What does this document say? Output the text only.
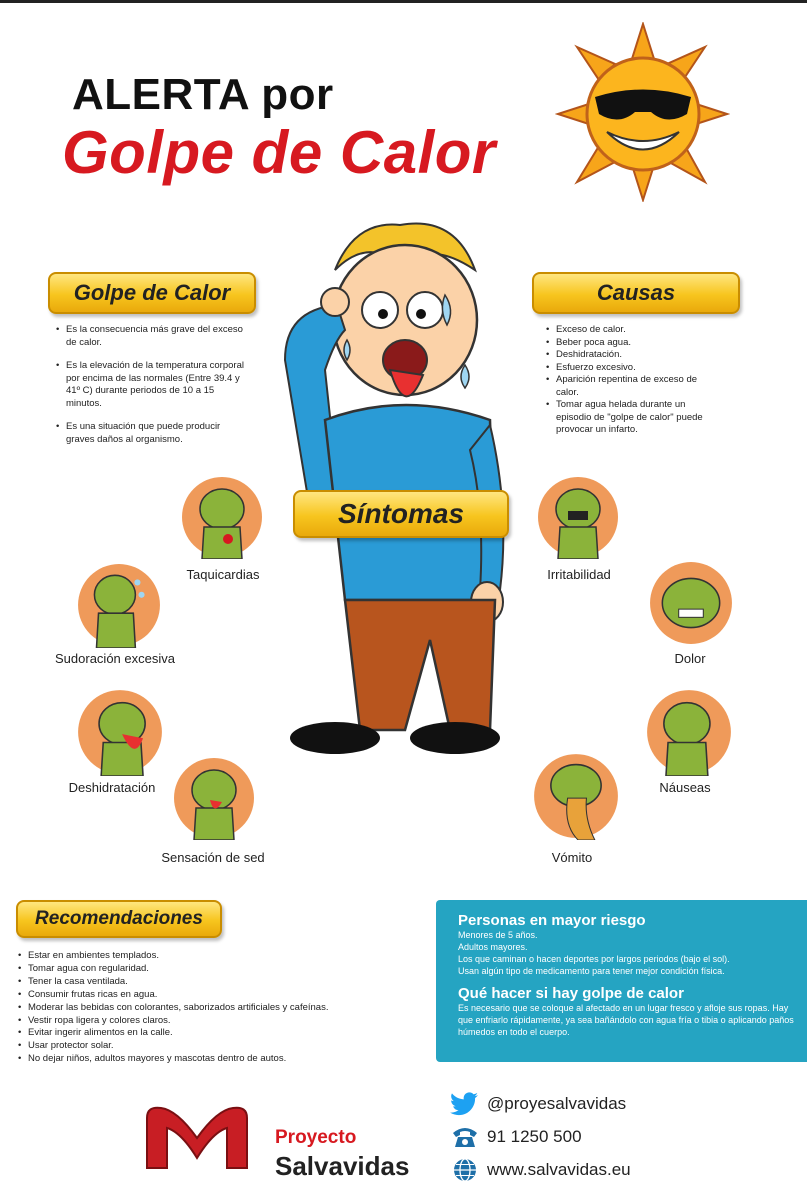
ALERTA por
Golpe de Calor
Golpe de Calor
• Es la consecuencia más grave del exceso de calor.
• Es la elevación de la temperatura corporal por encima de las normales (Entre 39.4 y 41º C) durante periodos de 10 a 15 minutos.
• Es una situación que puede producir graves daños al organismo.
Causas
• Exceso de calor.
• Beber poca agua.
• Deshidratación.
• Esfuerzo excesivo.
• Aparición repentina de exceso de calor.
• Tomar agua helada durante un episodio de "golpe de calor" puede provocar un infarto.
Síntomas
Taquicardias
Sudoración excesiva
Deshidratación
Sensación de sed
Irritabilidad
Dolor
Náuseas
Vómito
Recomendaciones
• Estar en ambientes templados.
• Tomar agua con regularidad.
• Tener la casa ventilada.
• Consumir frutas ricas en agua.
• Moderar las bebidas con colorantes, saborizados artificiales y cafeínas.
• Vestir ropa ligera y colores claros.
• Evitar ingerir alimentos en la calle.
• Usar protector solar.
• No dejar niños, adultos mayores y mascotas dentro de autos.
Personas en mayor riesgo

Menores de 5 años.

Adultos mayores.

Los que caminan o hacen deportes por largos periodos (bajo el sol).

Usan algún tipo de medicamento para tener mejor condición física.

Qué hacer si hay golpe de calor

Es necesario que se coloque al afectado en un lugar fresco y afloje sus ropas. Hay que enfriarlo rápidamente, ya sea bañándolo con agua fría o tibia o aplicando paños húmedos en todo el cuerpo.

Proyecto
Salvavidas
@proyesalvavidas
91 1250 500
www.salvavidas.eu
